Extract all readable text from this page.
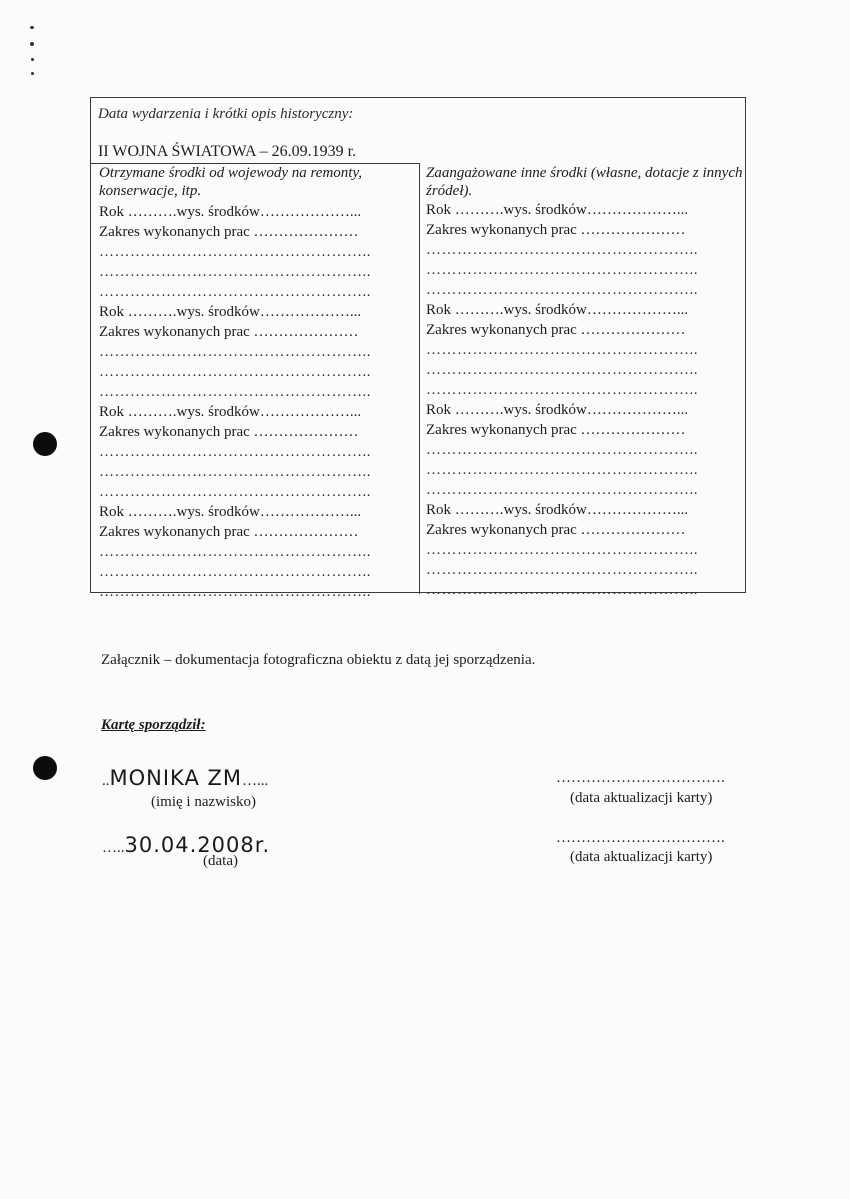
Data wydarzenia i krótki opis historyczny:
II WOJNA ŚWIATOWA – 26.09.1939 r.
Otrzymane środki od wojewody na remonty, konserwacje, itp.
Rok ……….wys. środków………………...
Zakres wykonanych prac …………………
……………………………………………..
……………………………………………..
……………………………………………..
Rok ……….wys. środków………………...
Zakres wykonanych prac …………………
……………………………………………..
……………………………………………..
……………………………………………..
Rok ……….wys. środków………………...
Zakres wykonanych prac …………………
……………………………………………..
……………………………………………..
……………………………………………..
Rok ……….wys. środków………………...
Zakres wykonanych prac …………………
……………………………………………..
……………………………………………..
……………………………………………..
Zaangażowane inne środki (własne, dotacje z innych źródeł).
Rok ……….wys. środków………………...
Zakres wykonanych prac …………………
……………………………………………..
……………………………………………..
……………………………………………..
Rok ……….wys. środków………………...
Zakres wykonanych prac …………………
……………………………………………..
……………………………………………..
……………………………………………..
Rok ……….wys. środków………………...
Zakres wykonanych prac …………………
……………………………………………..
……………………………………………..
……………………………………………..
Rok ……….wys. środków………………...
Zakres wykonanych prac …………………
……………………………………………..
……………………………………………..
……………………………………………..
Załącznik – dokumentacja fotograficzna obiektu z datą jej sporządzenia.
Kartę sporządził:
..MONIKA ZM…...
(imię i nazwisko)
…..30.04.2008r.
(data)
…………………………….
(data aktualizacji karty)
…………………………….
(data aktualizacji karty)
